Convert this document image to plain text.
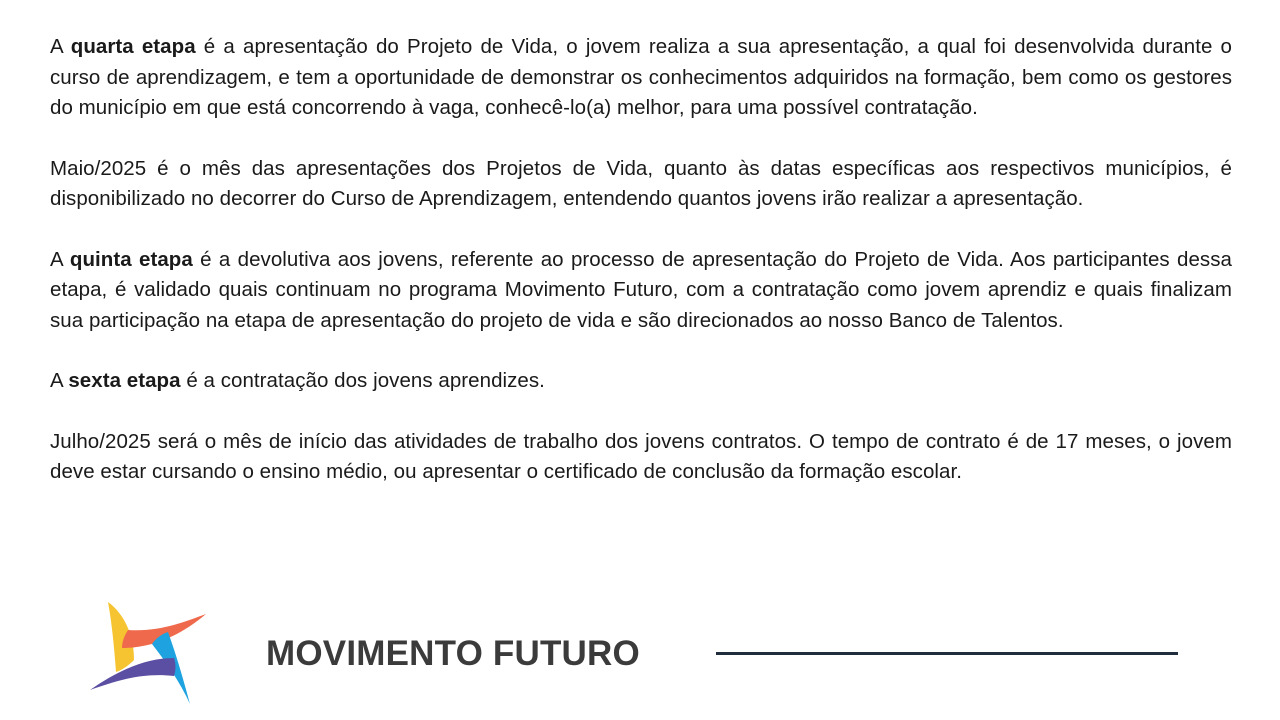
A quarta etapa é a apresentação do Projeto de Vida, o jovem realiza a sua apresentação, a qual foi desenvolvida durante o curso de aprendizagem, e tem a oportunidade de demonstrar os conhecimentos adquiridos na formação, bem como os gestores do município em que está concorrendo à vaga, conhecê-lo(a) melhor, para uma possível contratação.

Maio/2025 é o mês das apresentações dos Projetos de Vida, quanto às datas específicas aos respectivos municípios, é disponibilizado no decorrer do Curso de Aprendizagem, entendendo quantos jovens irão realizar a apresentação.

A quinta etapa é a devolutiva aos jovens, referente ao processo de apresentação do Projeto de Vida. Aos participantes dessa etapa, é validado quais continuam no programa Movimento Futuro, com a contratação como jovem aprendiz e quais finalizam sua participação na etapa de apresentação do projeto de vida e são direcionados ao nosso Banco de Talentos.

A sexta etapa é a contratação dos jovens aprendizes.

Julho/2025 será o mês de início das atividades de trabalho dos jovens contratos. O tempo de contrato é de 17 meses, o jovem deve estar cursando o ensino médio, ou apresentar o certificado de conclusão da formação escolar.

MOVIMENTO FUTURO
